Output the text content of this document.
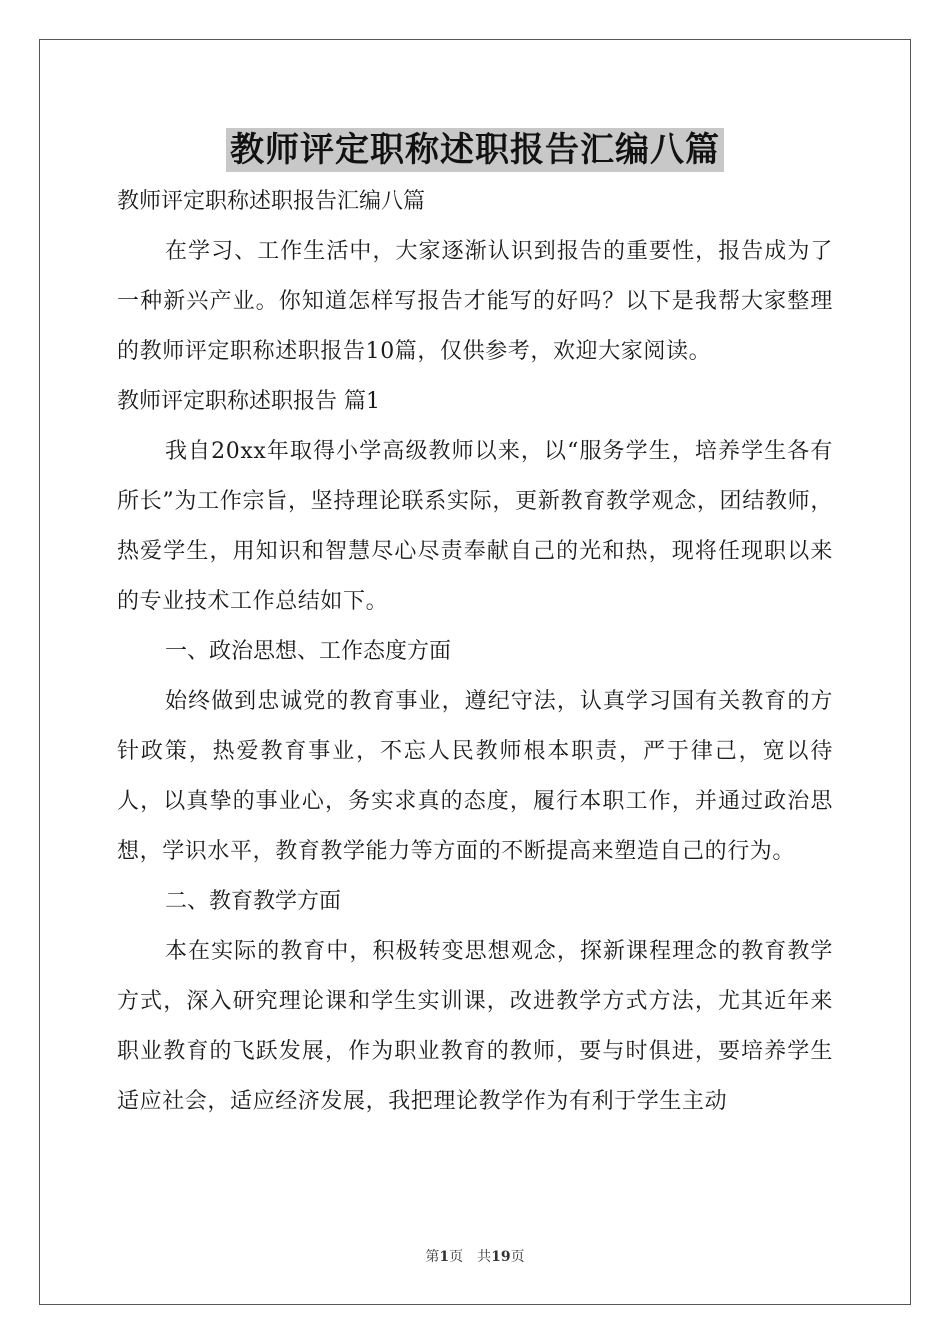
教师评定职称述职报告汇编八篇
教师评定职称述职报告汇编八篇
在学习、工作生活中，大家逐渐认识到报告的重要性，报告成为了一种新兴产业。你知道怎样写报告才能写的好吗？以下是我帮大家整理的教师评定职称述职报告10篇，仅供参考，欢迎大家阅读。
教师评定职称述职报告 篇1
我自20xx年取得小学高级教师以来，以“服务学生，培养学生各有所长”为工作宗旨，坚持理论联系实际，更新教育教学观念，团结教师，热爱学生，用知识和智慧尽心尽责奉献自己的光和热，现将任现职以来的专业技术工作总结如下。
一、政治思想、工作态度方面
始终做到忠诚党的教育事业，遵纪守法，认真学习国有关教育的方针政策，热爱教育事业，不忘人民教师根本职责，严于律己，宽以待人，以真挚的事业心，务实求真的态度，履行本职工作，并通过政治思想，学识水平，教育教学能力等方面的不断提高来塑造自己的行为。
二、教育教学方面
本在实际的教育中，积极转变思想观念，探新课程理念的教育教学方式，深入研究理论课和学生实训课，改进教学方式方法，尤其近年来职业教育的飞跃发展，作为职业教育的教师，要与时俱进，要培养学生适应社会，适应经济发展，我把理论教学作为有利于学生主动
第1页　共19页
